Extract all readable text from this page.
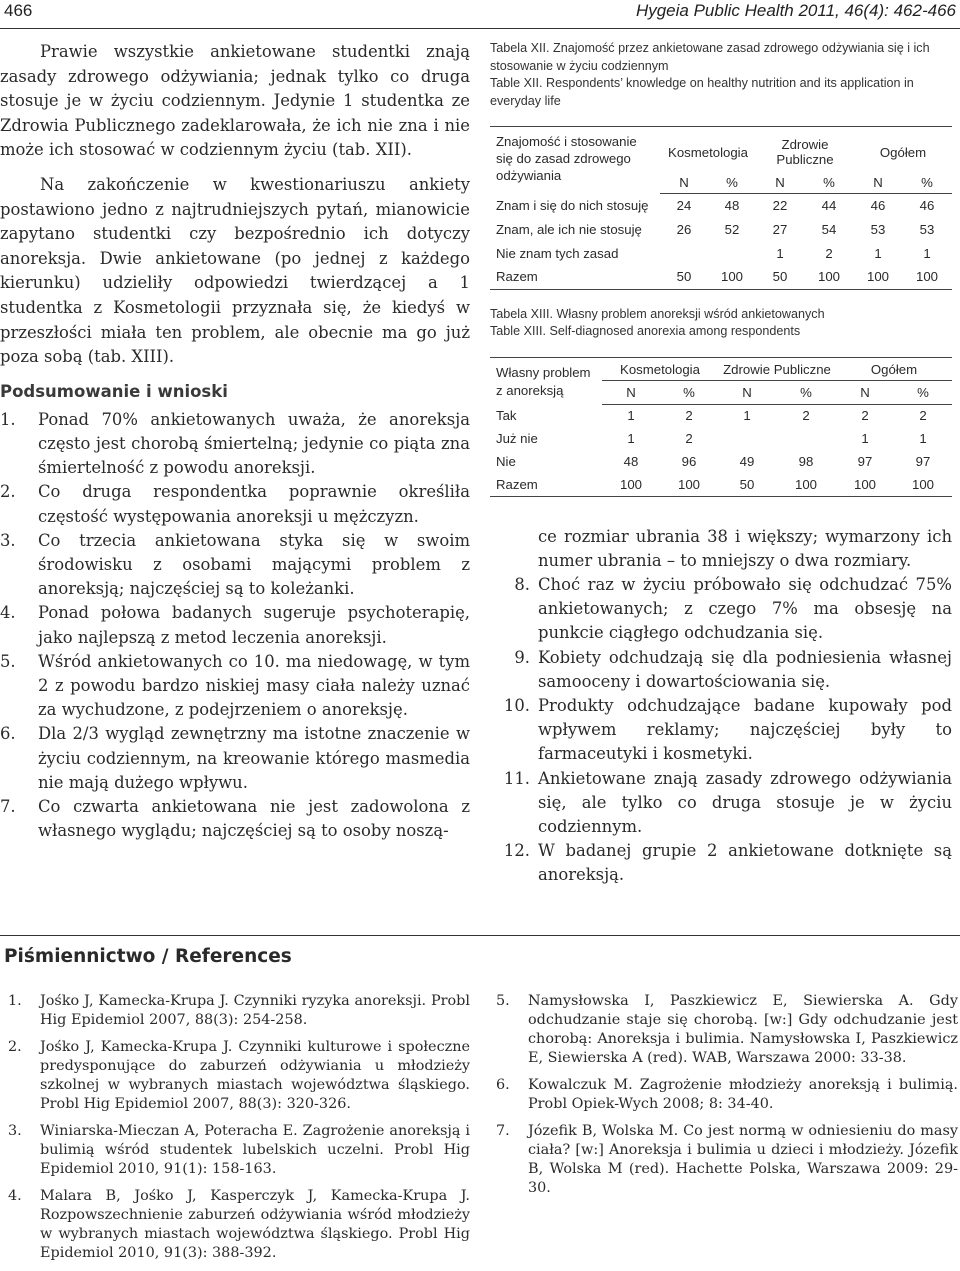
466	Hygeia Public Health 2011, 46(4): 462-466

Prawie wszystkie ankietowane studentki znają zasady zdrowego odżywiania; jednak tylko co druga stosuje je w życiu codziennym. Jedynie 1 studentka ze Zdrowia Publicznego zadeklarowała, że ich nie zna i nie może ich stosować w codziennym życiu (tab. XII).

Na zakończenie w kwestionariuszu ankiety postawiono jedno z najtrudniejszych pytań, mianowicie zapytano studentki czy bezpośrednio ich dotyczy anoreksja. Dwie ankietowane (po jednej z każdego kierunku) udzieliły odpowiedzi twierdzącej a 1 studentka z Kosmetologii przyznała się, że kiedyś w przeszłości miała ten problem, ale obecnie ma go już poza sobą (tab. XIII).

Podsumowanie i wnioski
1.	Ponad 70% ankietowanych uważa, że anoreksja często jest chorobą śmiertelną; jedynie co piąta zna śmiertelność z powodu anoreksji.
2.	Co druga respondentka poprawnie określiła częstość występowania anoreksji u mężczyzn.
3.	Co trzecia ankietowana styka się w swoim środowisku z osobami mającymi problem z anoreksją; najczęściej są to koleżanki.
4.	Ponad połowa badanych sugeruje psychoterapię, jako najlepszą z metod leczenia anoreksji.
5.	Wśród ankietowanych co 10. ma niedowagę, w tym 2 z powodu bardzo niskiej masy ciała należy uznać za wychudzone, z podejrzeniem o anoreksję.
6.	Dla 2/3 wygląd zewnętrzny ma istotne znaczenie w życiu codziennym, na kreowanie którego masmedia nie mają dużego wpływu.
7.	Co czwarta ankietowana nie jest zadowolona z własnego wyglądu; najczęściej są to osoby noszą-

Tabela XII. Znajomość przez ankietowane zasad zdrowego odżywiania się i ich stosowanie w życiu codziennym

Table XII. Respondents’ knowledge on healthy nutrition and its application in everyday life

Znajomość i stosowanie
się do zasad zdrowego
odżywiania	Kosmetologia		Zdrowie Publiczne		Ogółem	
	N	%	N	%	N	%
Znam i się do nich stosuję	24	48	22	44	46	46
Znam, ale ich nie stosuję	26	52	27	54	53	53
Nie znam tych zasad			1	2	1	1
Razem	50	100	50	100	100	100

Tabela XIII. Własny problem anoreksji wśród ankietowanych

Table XIII. Self-diagnosed anorexia among respondents

Własny problem
z anoreksją	Kosmetologia		Zdrowie Publiczne		Ogółem	
	N	%	N	%	N	%
Tak	1	2	1	2	2	2
Już nie	1	2			1	1
Nie	48	96	49	98	97	97
Razem	100	100	50	100	100	100
ce rozmiar ubrania 38 i większy; wymarzony ich numer ubrania – to mniejszy o dwa rozmiary.
8. Choć raz w życiu próbowało się odchudzać 75% ankietowanych; z czego 7% ma obsesję na punkcie ciągłego odchudzania się.
9. Kobiety odchudzają się dla podniesienia własnej samooceny i dowartościowania się.
10. Produkty odchudzające badane kupowały pod wpływem reklamy; najczęściej były to farmaceutyki i kosmetyki.
11. Ankietowane znają zasady zdrowego odżywiania się, ale tylko co druga stosuje je w życiu codziennym.
12. W badanej grupie 2 ankietowane dotknięte są anoreksją.
Piśmiennictwo / References
1.	Jośko J, Kamecka-Krupa J. Czynniki ryzyka anoreksji. Probl Hig Epidemiol 2007, 88(3): 254-258.
2.	Jośko J, Kamecka-Krupa J. Czynniki kulturowe i społeczne predysponujące do zaburzeń odżywiania u młodzieży szkolnej w wybranych miastach województwa śląskiego. Probl Hig Epidemiol 2007, 88(3): 320-326.
3.	Winiarska-Mieczan A, Poteracha E. Zagrożenie anoreksją i bulimią wśród studentek lubelskich uczelni. Probl Hig Epidemiol 2010, 91(1): 158-163.
4.	Malara B, Jośko J, Kasperczyk J, Kamecka-Krupa J. Rozpowszechnienie zaburzeń odżywiania wśród młodzieży w wybranych miastach województwa śląskiego. Probl Hig Epidemiol 2010, 91(3): 388-392.
5.	Namysłowska I, Paszkiewicz E, Siewierska A. Gdy odchudzanie staje się chorobą. [w:] Gdy odchudzanie jest chorobą: Anoreksja i bulimia. Namysłowska I, Paszkiewicz E, Siewierska A (red). WAB, Warszawa 2000: 33-38.
6.	Kowalczuk M. Zagrożenie młodzieży anoreksją i bulimią. Probl Opiek-Wych 2008; 8: 34-40.
7.	Józefik B, Wolska M. Co jest normą w odniesieniu do masy ciała? [w:] Anoreksja i bulimia u dzieci i młodzieży. Józefik B, Wolska M (red). Hachette Polska, Warszawa 2009: 29-30.
